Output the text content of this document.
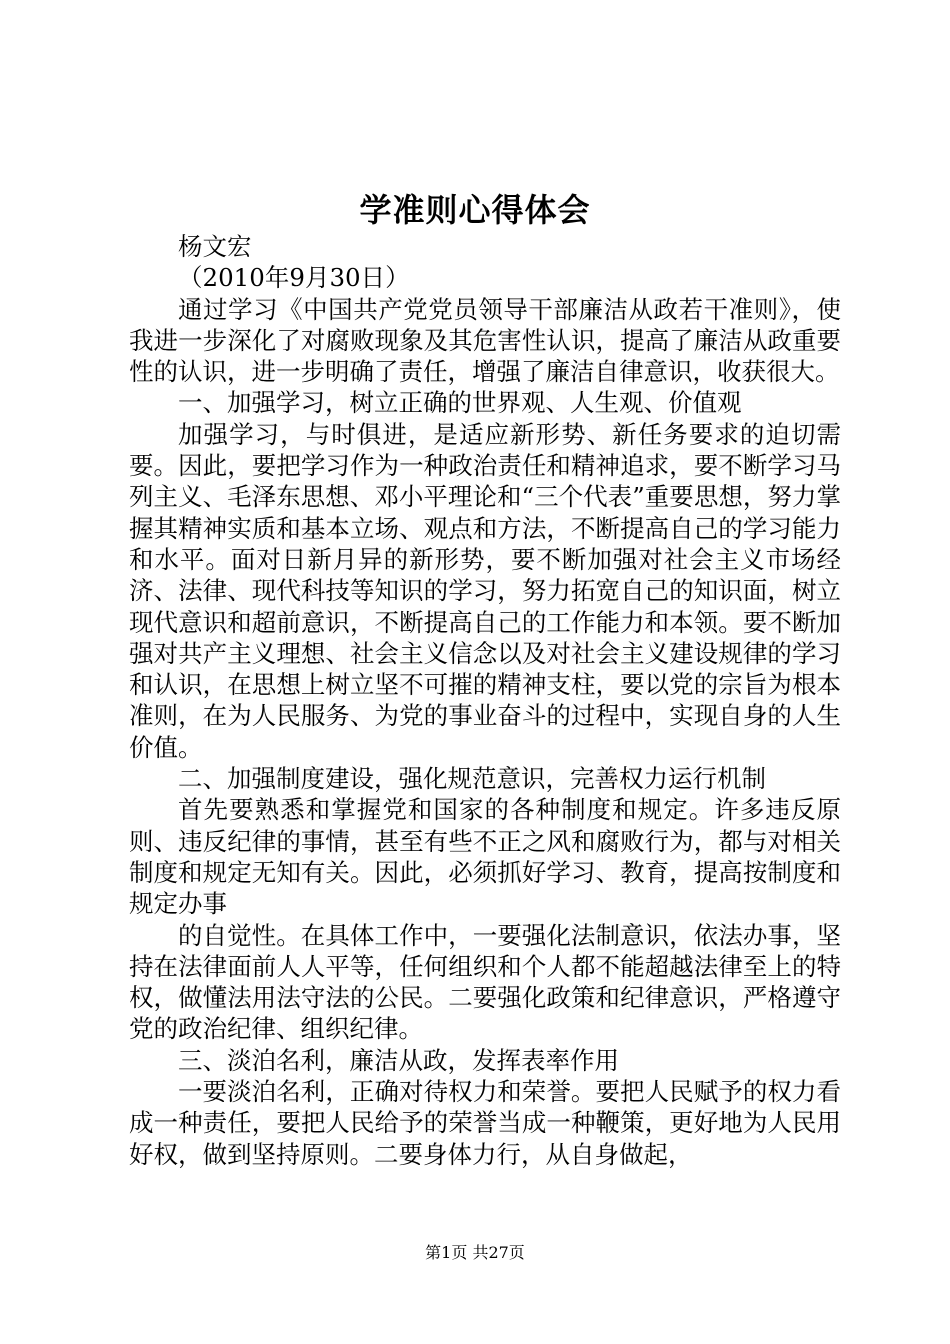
学准则心得体会

杨文宏

（2010年9月30日）

通过学习《中国共产党党员领导干部廉洁从政若干准则》，使我进一步深化了对腐败现象及其危害性认识，提高了廉洁从政重要性的认识，进一步明确了责任，增强了廉洁自律意识，收获很大。

一、加强学习，树立正确的世界观、人生观、价值观

加强学习，与时俱进，是适应新形势、新任务要求的迫切需要。因此，要把学习作为一种政治责任和精神追求，要不断学习马列主义、毛泽东思想、邓小平理论和“三个代表”重要思想，努力掌握其精神实质和基本立场、观点和方法，不断提高自己的学习能力和水平。面对日新月异的新形势，要不断加强对社会主义市场经济、法律、现代科技等知识的学习，努力拓宽自己的知识面，树立现代意识和超前意识，不断提高自己的工作能力和本领。要不断加强对共产主义理想、社会主义信念以及对社会主义建设规律的学习和认识，在思想上树立坚不可摧的精神支柱，要以党的宗旨为根本准则，在为人民服务、为党的事业奋斗的过程中，实现自身的人生价值。

二、加强制度建设，强化规范意识，完善权力运行机制

首先要熟悉和掌握党和国家的各种制度和规定。许多违反原则、违反纪律的事情，甚至有些不正之风和腐败行为，都与对相关制度和规定无知有关。因此，必须抓好学习、教育，提高按制度和规定办事

的自觉性。在具体工作中，一要强化法制意识，依法办事，坚持在法律面前人人平等，任何组织和个人都不能超越法律至上的特权，做懂法用法守法的公民。二要强化政策和纪律意识，严格遵守党的政治纪律、组织纪律。

三、淡泊名利，廉洁从政，发挥表率作用

一要淡泊名利，正确对待权力和荣誉。要把人民赋予的权力看成一种责任，要把人民给予的荣誉当成一种鞭策，更好地为人民用好权，做到坚持原则。二要身体力行，从自身做起，

第1页 共27页
